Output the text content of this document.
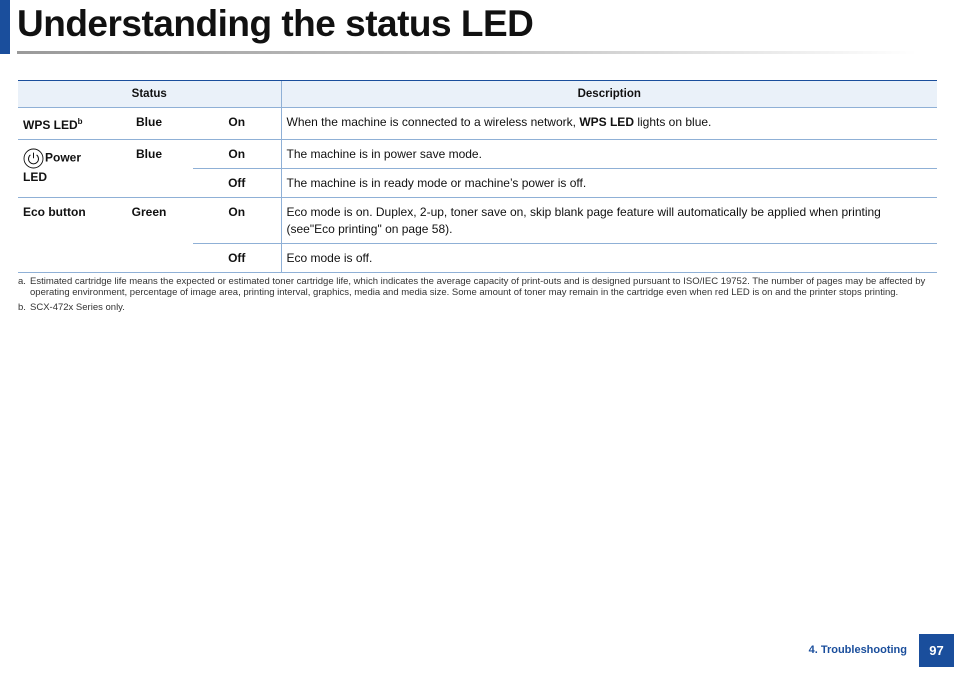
Understanding the status LED
Status			Description
WPS LED$^b$	Blue	On	When the machine is connected to a wireless network, WPS LED lights on blue.
Power LED	Blue	On	The machine is in power save mode.
		Off	The machine is in ready mode or machine’s power is off.
Eco button	Green	On	Eco mode is on. Duplex, 2-up, toner save on, skip blank page feature will automatically be applied when printing (see"Eco printing" on page 58).
		Off	Eco mode is off.
a. Estimated cartridge life means the expected or estimated toner cartridge life, which indicates the average capacity of print-outs and is designed pursuant to ISO/IEC 19752. The number of pages may be affected by operating environment, percentage of image area, printing interval, graphics, media and media size. Some amount of toner may remain in the cartridge even when red LED is on and the printer stops printing.
b. SCX-472x Series only.
4. Troubleshooting	97
